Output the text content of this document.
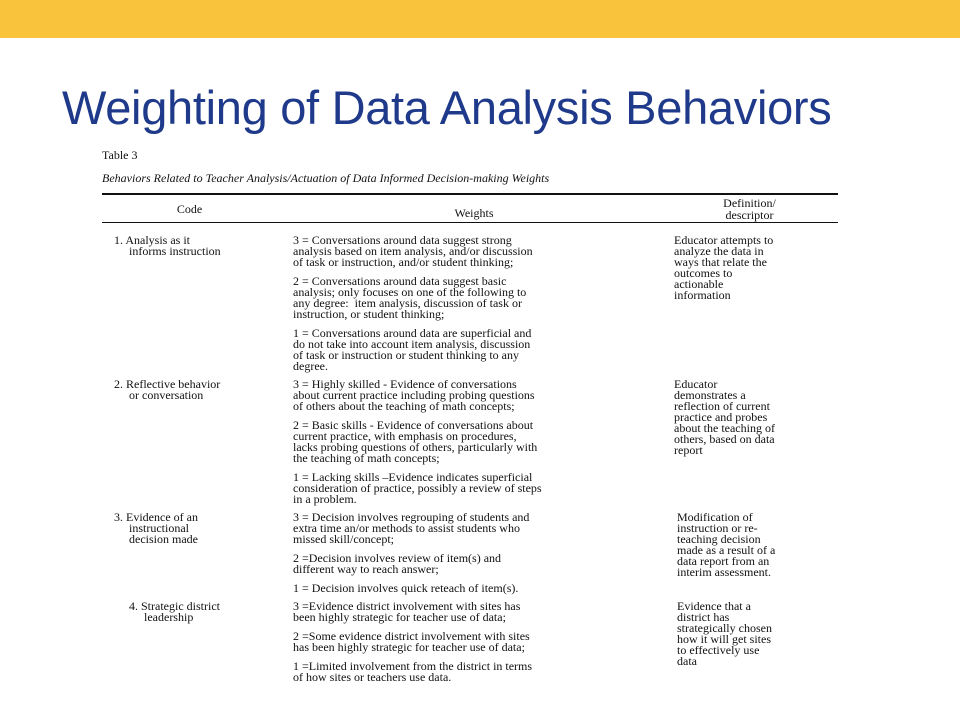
Weighting of Data Analysis Behaviors
Table 3
Behaviors Related to Teacher Analysis/Actuation of Data Informed Decision-making Weights
Code	Weights
Definition/
descriptor
1. Analysis as it
informs instruction
3 = Conversations around data suggest strong
analysis based on item analysis, and/or discussion
of task or instruction, and/or student thinking;
2 = Conversations around data suggest basic
analysis; only focuses on one of the following to
any degree:  item analysis, discussion of task or
instruction, or student thinking;
1 = Conversations around data are superficial and
do not take into account item analysis, discussion
of task or instruction or student thinking to any
degree.
Educator attempts to
analyze the data in
ways that relate the
outcomes to
actionable
information
2. Reflective behavior
or conversation
3 = Highly skilled - Evidence of conversations
about current practice including probing questions
of others about the teaching of math concepts;
2 = Basic skills - Evidence of conversations about
current practice, with emphasis on procedures,
lacks probing questions of others, particularly with
the teaching of math concepts;
1 = Lacking skills –Evidence indicates superficial
consideration of practice, possibly a review of steps
in a problem.
Educator
demonstrates a
reflection of current
practice and probes
about the teaching of
others, based on data
report
3. Evidence of an
instructional
decision made
3 = Decision involves regrouping of students and
extra time an/or methods to assist students who
missed skill/concept;
2 =Decision involves review of item(s) and
different way to reach answer;
1 = Decision involves quick reteach of item(s).
Modification of
instruction or re-
teaching decision
made as a result of a
data report from an
interim assessment.
4. Strategic district
leadership
3 =Evidence district involvement with sites has
been highly strategic for teacher use of data;
2 =Some evidence district involvement with sites
has been highly strategic for teacher use of data;
1 =Limited involvement from the district in terms
of how sites or teachers use data.
Evidence that a
district has
strategically chosen
how it will get sites
to effectively use
data
